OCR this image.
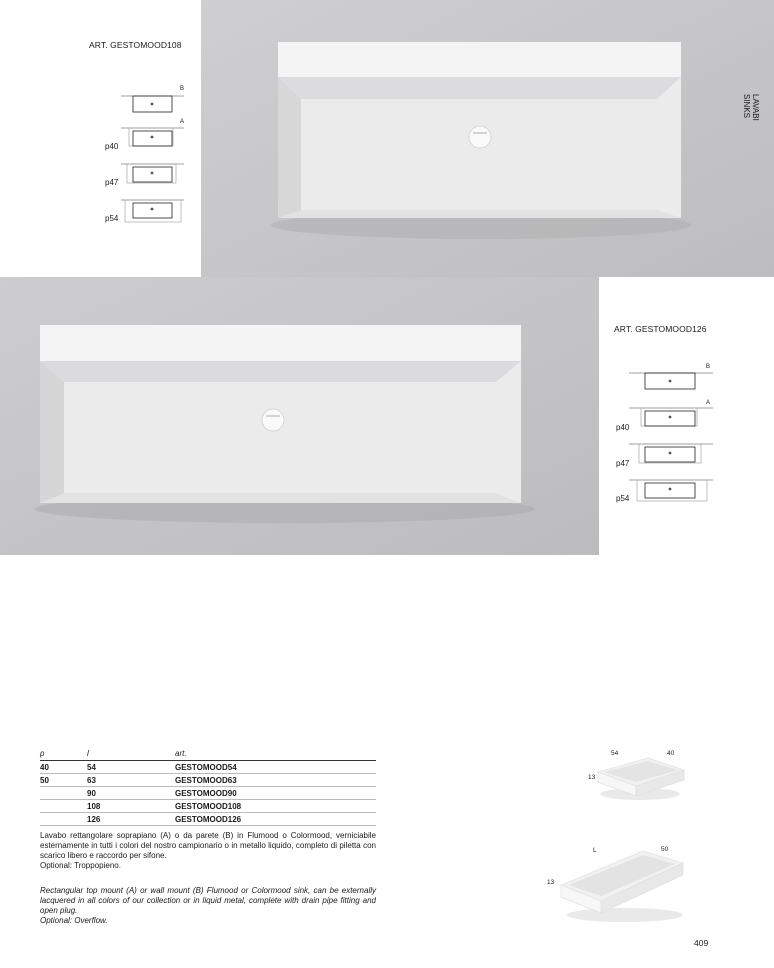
ART. GESTOMOOD108
B
A
p40
p47
p54
LAVABI
SINKS
ART. GESTOMOOD126
B
A
p40
p47
p54
p	l	art.
40	54	GESTOMOOD54
50	63	GESTOMOOD63
	90	GESTOMOOD90
	108	GESTOMOOD108
	126	GESTOMOOD126
Lavabo rettangolare soprapiano (A) o da parete (B) in Flumood o Colormood, verniciabile esternamente in tutti i colori del nostro campionario o in metallo liquido, completo di piletta con scarico libero e raccordo per sifone.
Optional: Troppopieno.
Rectangular top mount (A) or wall mount (B) Flumood or Colormood sink, can be externally lacquered in all colors of our collection or in liquid metal, complete with drain pipe fitting and open plug.
Optional: Overflow.
54	40
13
L	50
13
409
